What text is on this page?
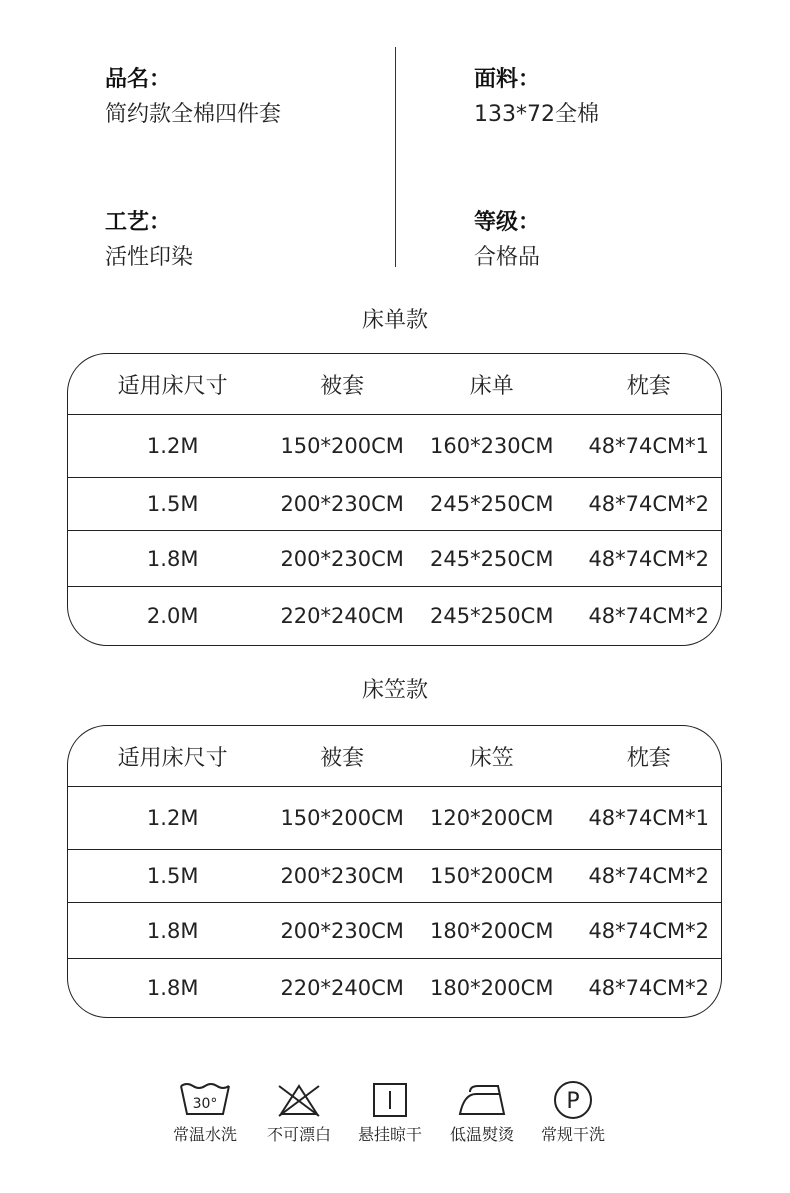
品名：
简约款全棉四件套
面料：
133*72全棉
工艺：
活性印染
等级：
合格品
床单款
适用床尺寸	被套	床单	枕套
1.2M	150*200CM	160*230CM	48*74CM*1
1.5M	200*230CM	245*250CM	48*74CM*2
1.8M	200*230CM	245*250CM	48*74CM*2
2.0M	220*240CM	245*250CM	48*74CM*2
床笠款
适用床尺寸	被套	床笠	枕套
1.2M	150*200CM	120*200CM	48*74CM*1
1.5M	200*230CM	150*200CM	48*74CM*2
1.8M	200*230CM	180*200CM	48*74CM*2
1.8M	220*240CM	180*200CM	48*74CM*2
30°
常温水洗	不可漂白	悬挂晾干	低温熨烫
P
常规干洗
